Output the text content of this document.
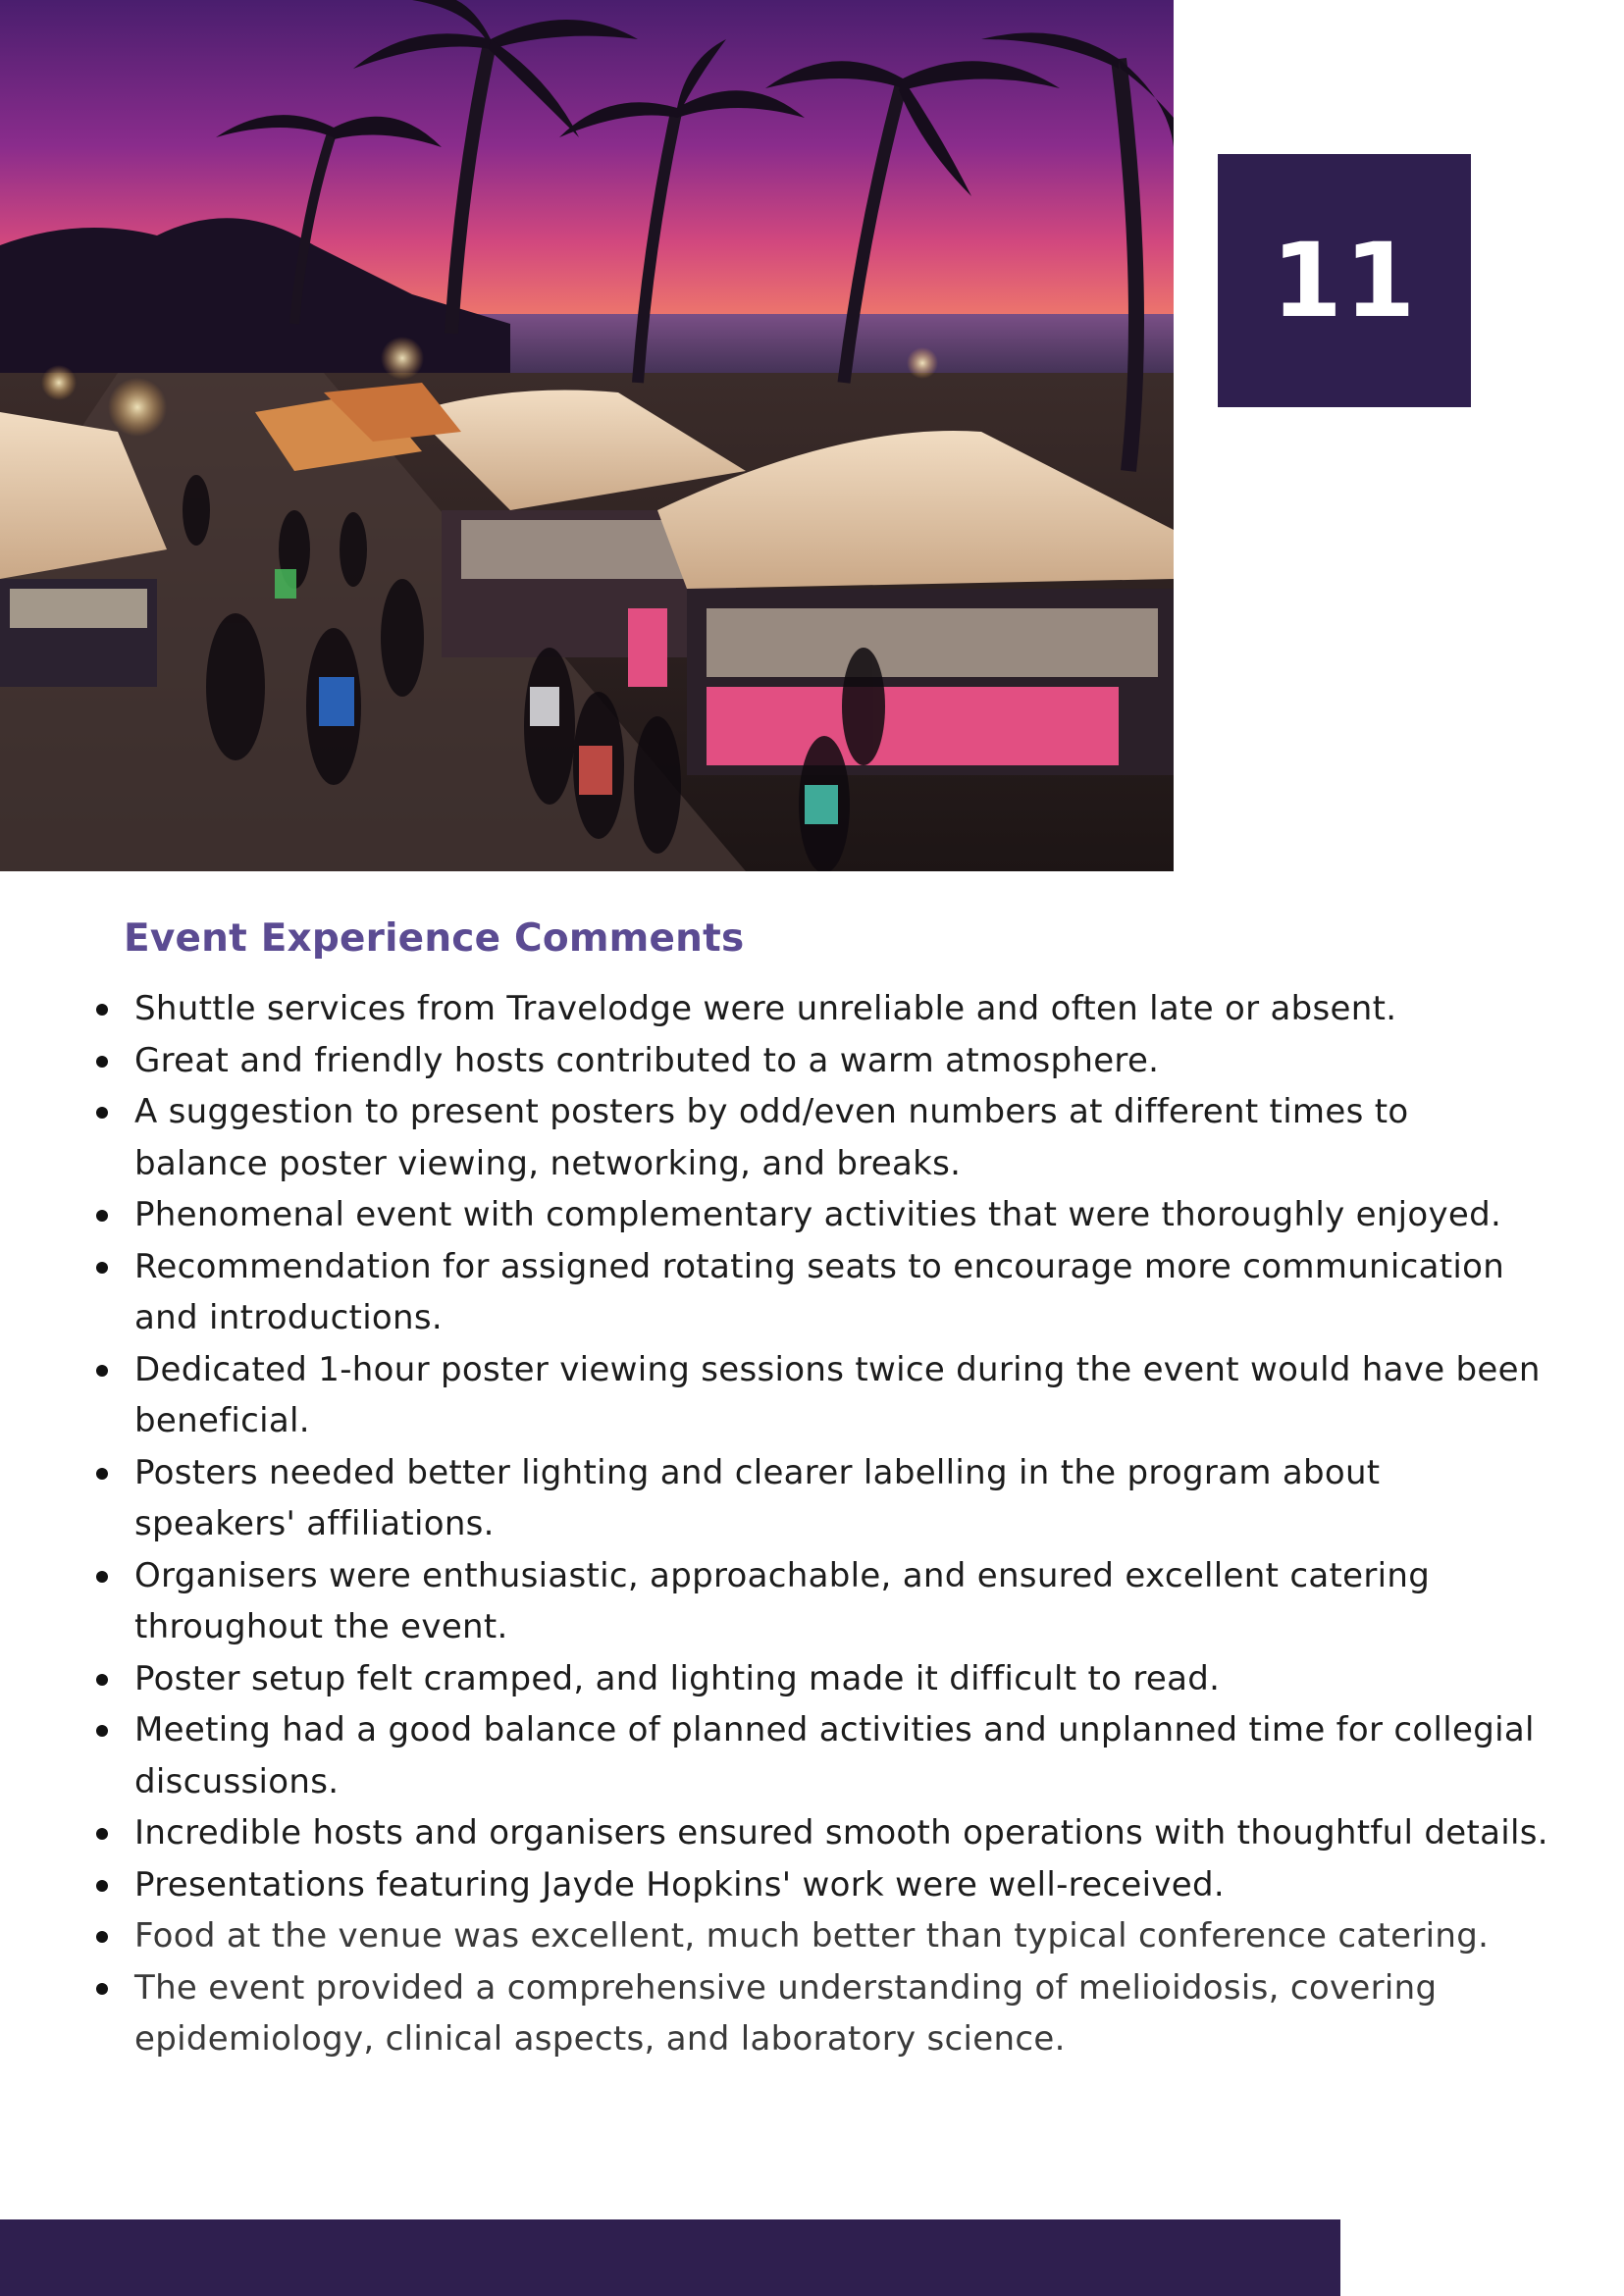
11
Event Experience Comments
Shuttle services from Travelodge were unreliable and often late or absent.
Great and friendly hosts contributed to a warm atmosphere.
A suggestion to present posters by odd/even numbers at different times to balance poster viewing, networking, and breaks.
Phenomenal event with complementary activities that were thoroughly enjoyed.
Recommendation for assigned rotating seats to encourage more communication and introductions.
Dedicated 1-hour poster viewing sessions twice during the event would have been beneficial.
Posters needed better lighting and clearer labelling in the program about speakers' affiliations.
Organisers were enthusiastic, approachable, and ensured excellent catering throughout the event.
Poster setup felt cramped, and lighting made it difficult to read.
Meeting had a good balance of planned activities and unplanned time for collegial discussions.
Incredible hosts and organisers ensured smooth operations with thoughtful details.
Presentations featuring Jayde Hopkins' work were well-received.
Food at the venue was excellent, much better than typical conference catering.
The event provided a comprehensive understanding of melioidosis, covering epidemiology, clinical aspects, and laboratory science.
